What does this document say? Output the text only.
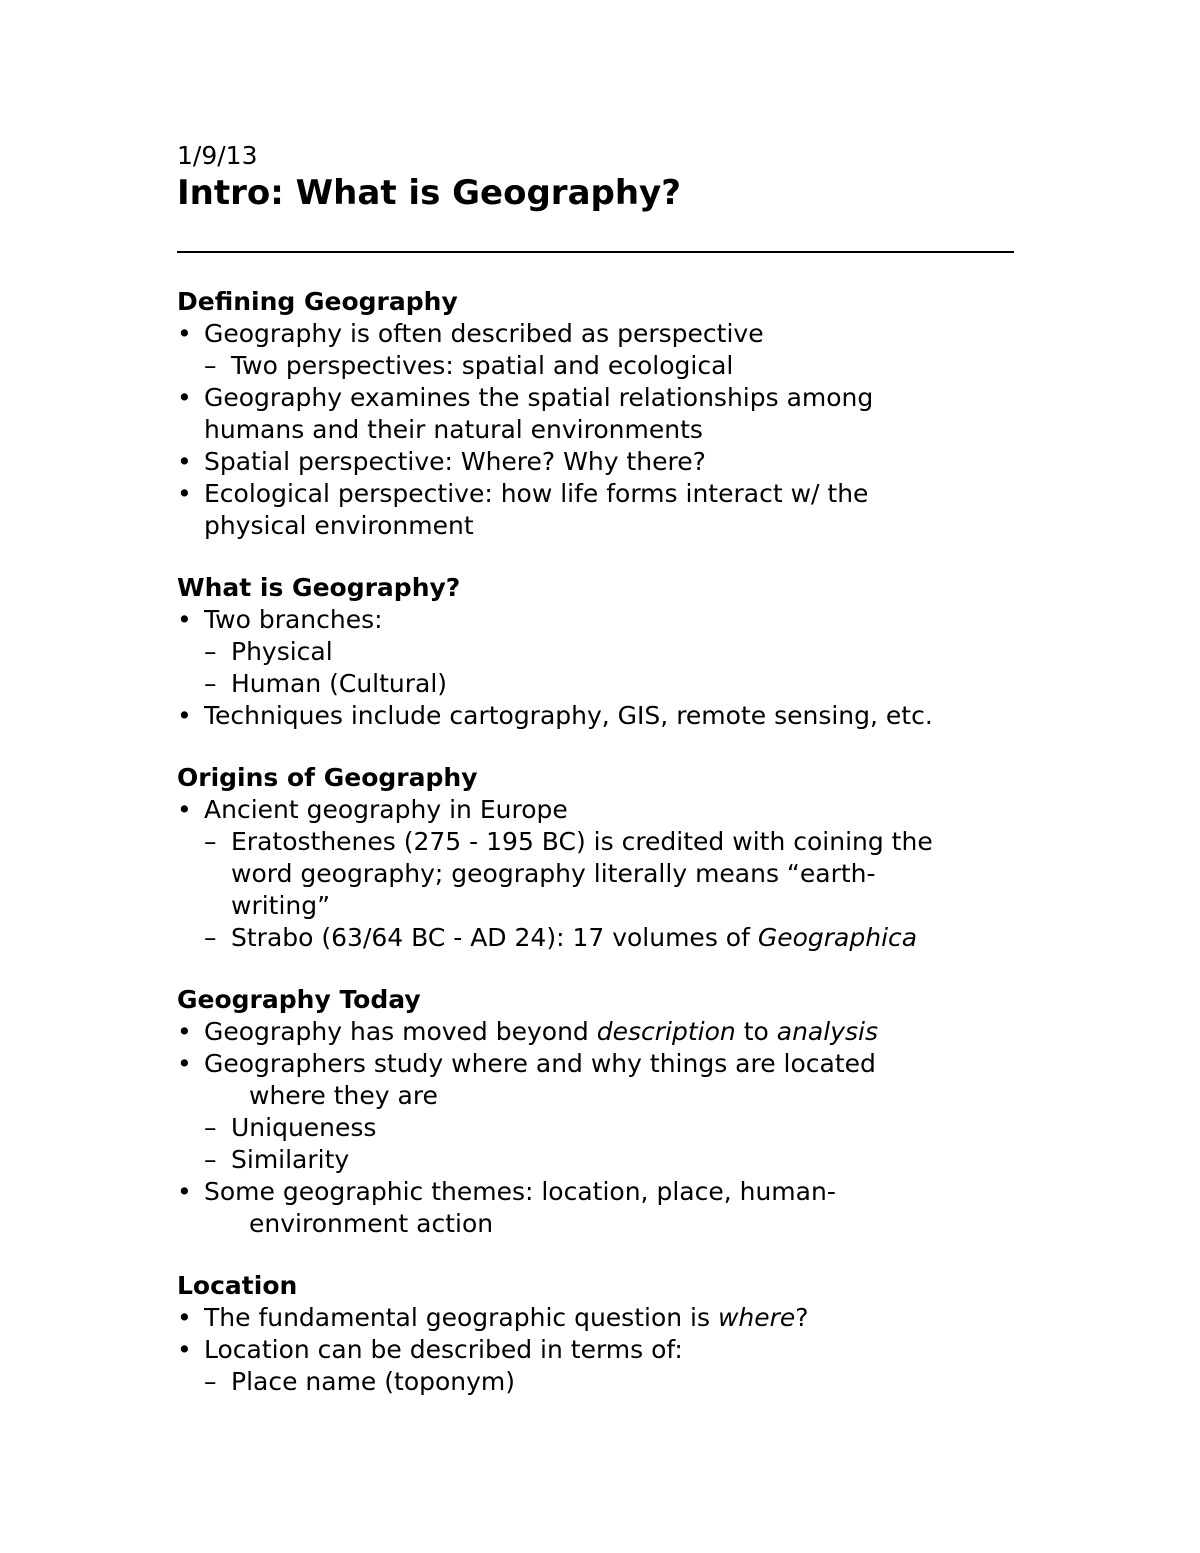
1/9/13
Intro: What is Geography?
Defining Geography
• Geography is often described as perspective
– Two perspectives: spatial and ecological
• Geography examines the spatial relationships among
humans and their natural environments
• Spatial perspective: Where? Why there?
• Ecological perspective: how life forms interact w/ the
physical environment
What is Geography?
• Two branches:
– Physical
– Human (Cultural)
• Techniques include cartography, GIS, remote sensing, etc.
Origins of Geography
• Ancient geography in Europe
– Eratosthenes (275 - 195 BC) is credited with coining the
word geography; geography literally means “earth-
writing”
– Strabo (63/64 BC - AD 24): 17 volumes of Geographica
Geography Today
• Geography has moved beyond description to analysis
• Geographers study where and why things are located
where they are
– Uniqueness
– Similarity
• Some geographic themes: location, place, human-
environment action
Location
• The fundamental geographic question is where?
• Location can be described in terms of:
– Place name (toponym)
